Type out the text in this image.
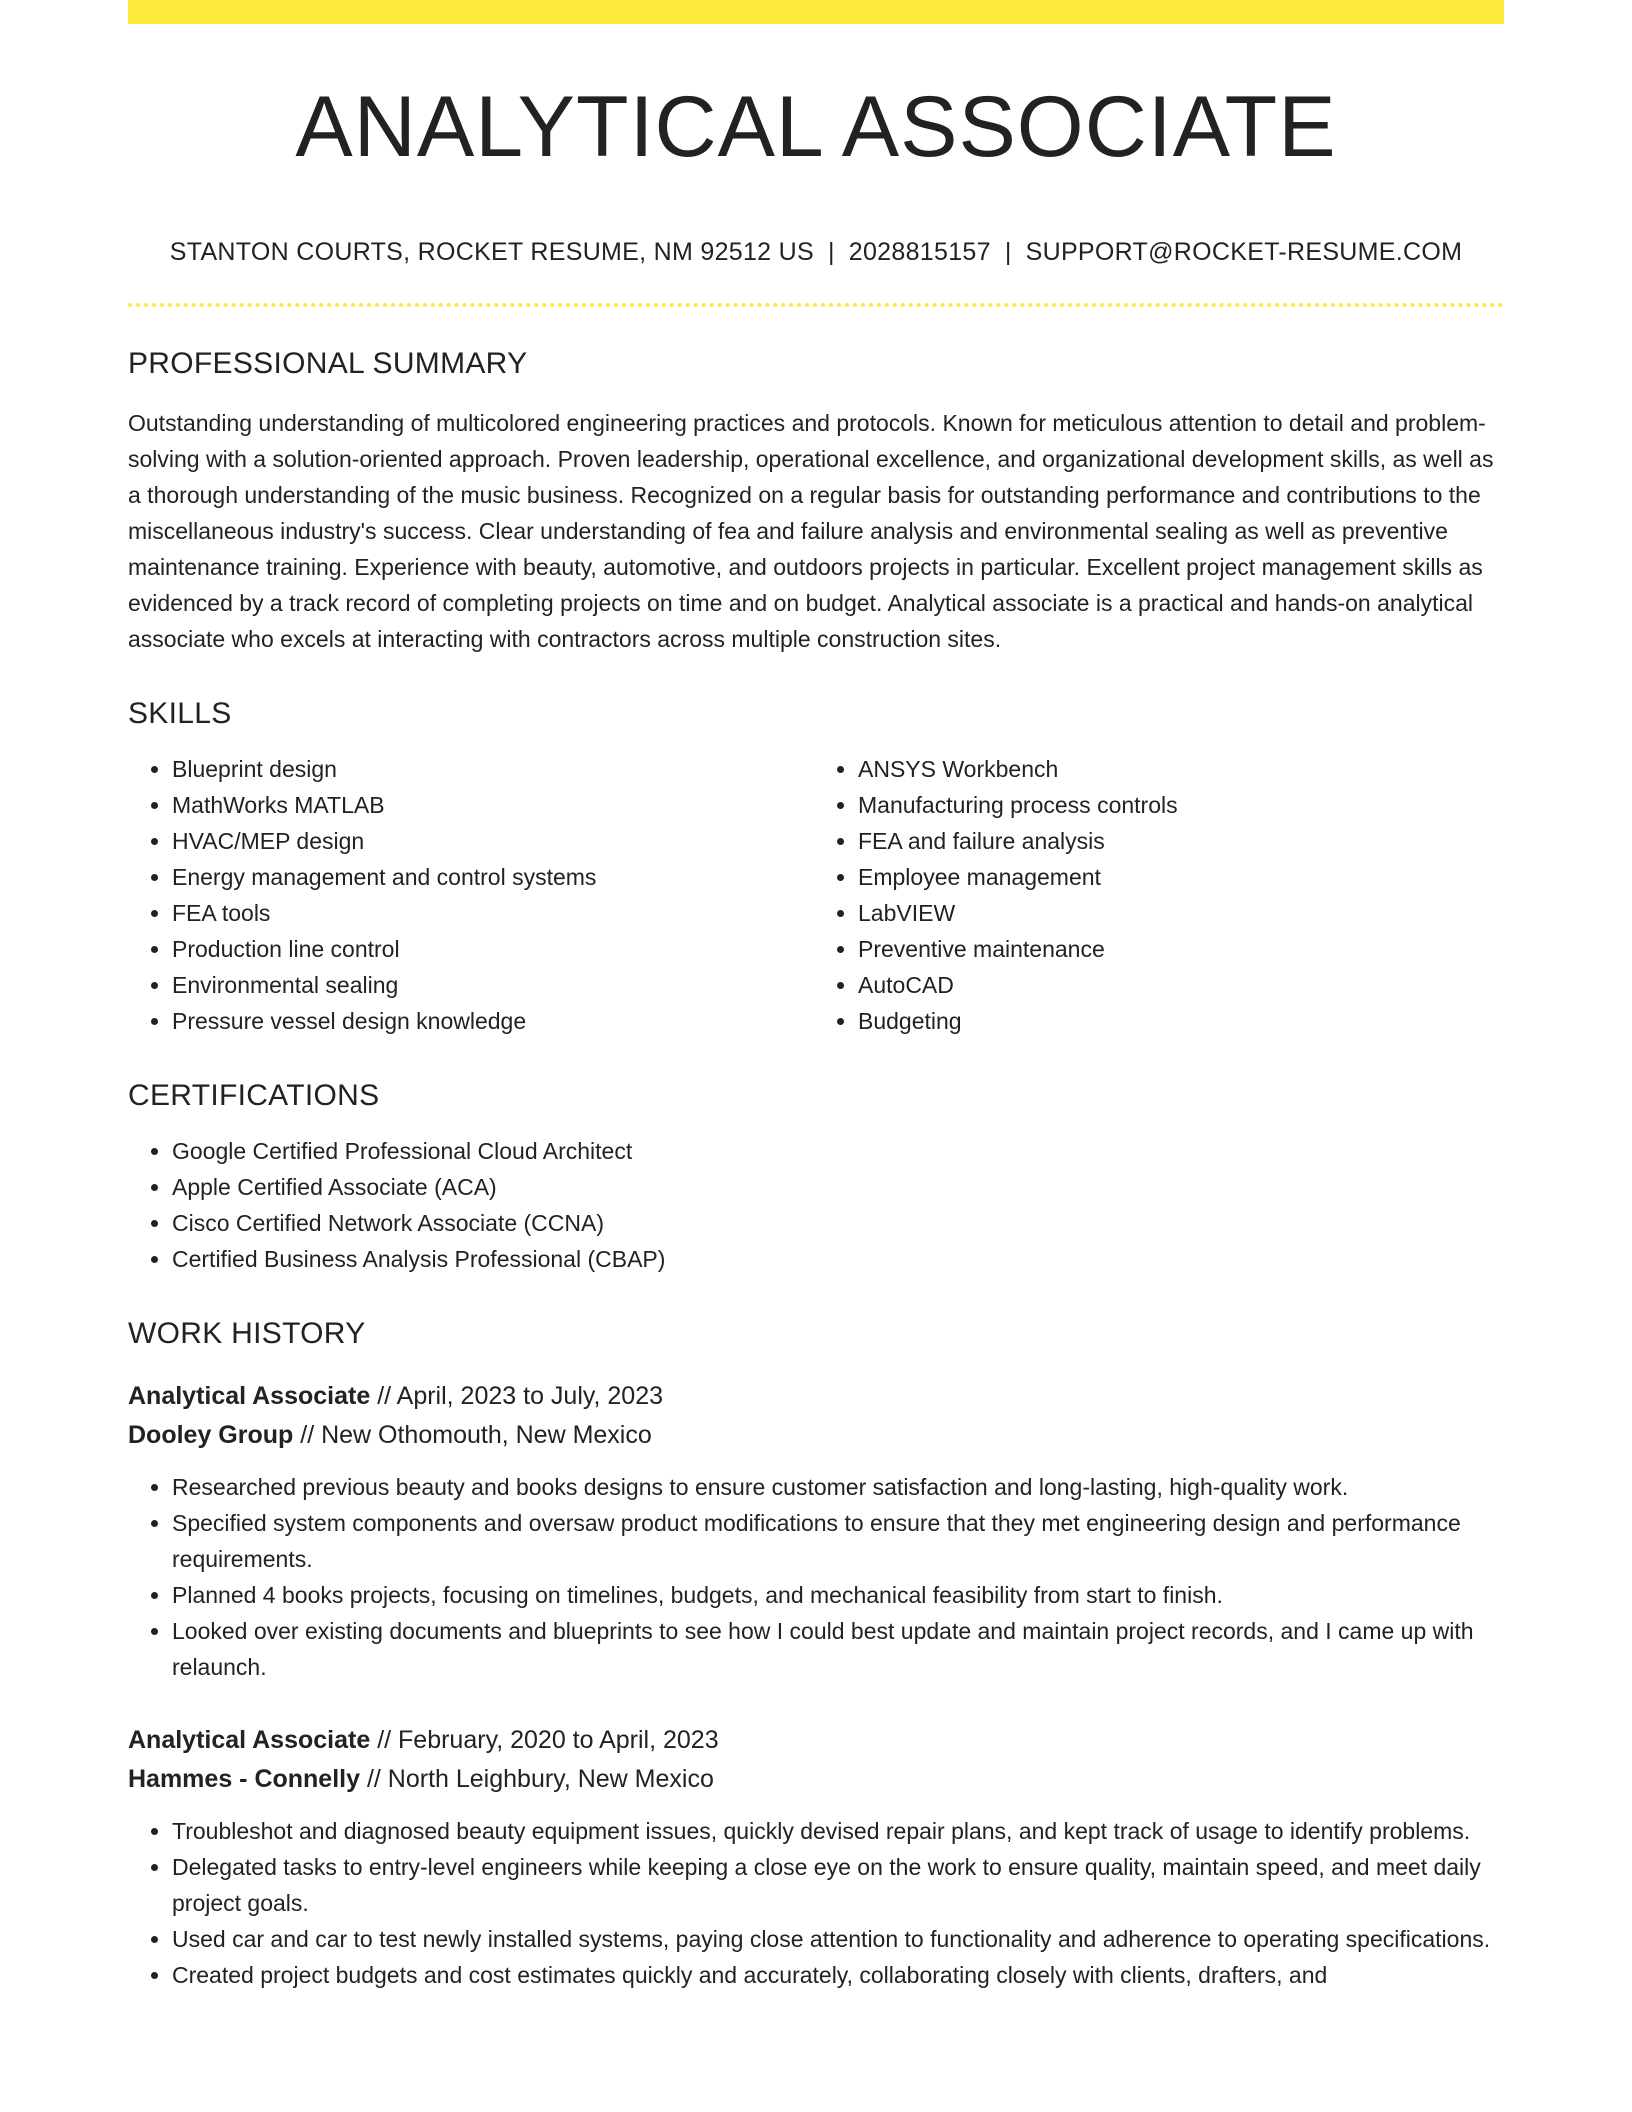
ANALYTICAL ASSOCIATE
STANTON COURTS, ROCKET RESUME, NM 92512 US | 2028815157 | SUPPORT@ROCKET-RESUME.COM
PROFESSIONAL SUMMARY

Outstanding understanding of multicolored engineering practices and protocols. Known for meticulous attention to detail and problem-solving with a solution-oriented approach. Proven leadership, operational excellence, and organizational development skills, as well as a thorough understanding of the music business. Recognized on a regular basis for outstanding performance and contributions to the miscellaneous industry's success. Clear understanding of fea and failure analysis and environmental sealing as well as preventive maintenance training. Experience with beauty, automotive, and outdoors projects in particular. Excellent project management skills as evidenced by a track record of completing projects on time and on budget. Analytical associate is a practical and hands-on analytical associate who excels at interacting with contractors across multiple construction sites.

SKILLS
• Blueprint design
• MathWorks MATLAB
• HVAC/MEP design
• Energy management and control systems
• FEA tools
• Production line control
• Environmental sealing
• Pressure vessel design knowledge
• ANSYS Workbench
• Manufacturing process controls
• FEA and failure analysis
• Employee management
• LabVIEW
• Preventive maintenance
• AutoCAD
• Budgeting
CERTIFICATIONS
• Google Certified Professional Cloud Architect
• Apple Certified Associate (ACA)
• Cisco Certified Network Associate (CCNA)
• Certified Business Analysis Professional (CBAP)
WORK HISTORY
Analytical Associate // April, 2023 to July, 2023
Dooley Group // New Othomouth, New Mexico
• Researched previous beauty and books designs to ensure customer satisfaction and long-lasting, high-quality work.
• Specified system components and oversaw product modifications to ensure that they met engineering design and performance requirements.
• Planned 4 books projects, focusing on timelines, budgets, and mechanical feasibility from start to finish.
• Looked over existing documents and blueprints to see how I could best update and maintain project records, and I came up with relaunch.
Analytical Associate // February, 2020 to April, 2023
Hammes - Connelly // North Leighbury, New Mexico
• Troubleshot and diagnosed beauty equipment issues, quickly devised repair plans, and kept track of usage to identify problems.
• Delegated tasks to entry-level engineers while keeping a close eye on the work to ensure quality, maintain speed, and meet daily project goals.
• Used car and car to test newly installed systems, paying close attention to functionality and adherence to operating specifications.
• Created project budgets and cost estimates quickly and accurately, collaborating closely with clients, drafters, and
